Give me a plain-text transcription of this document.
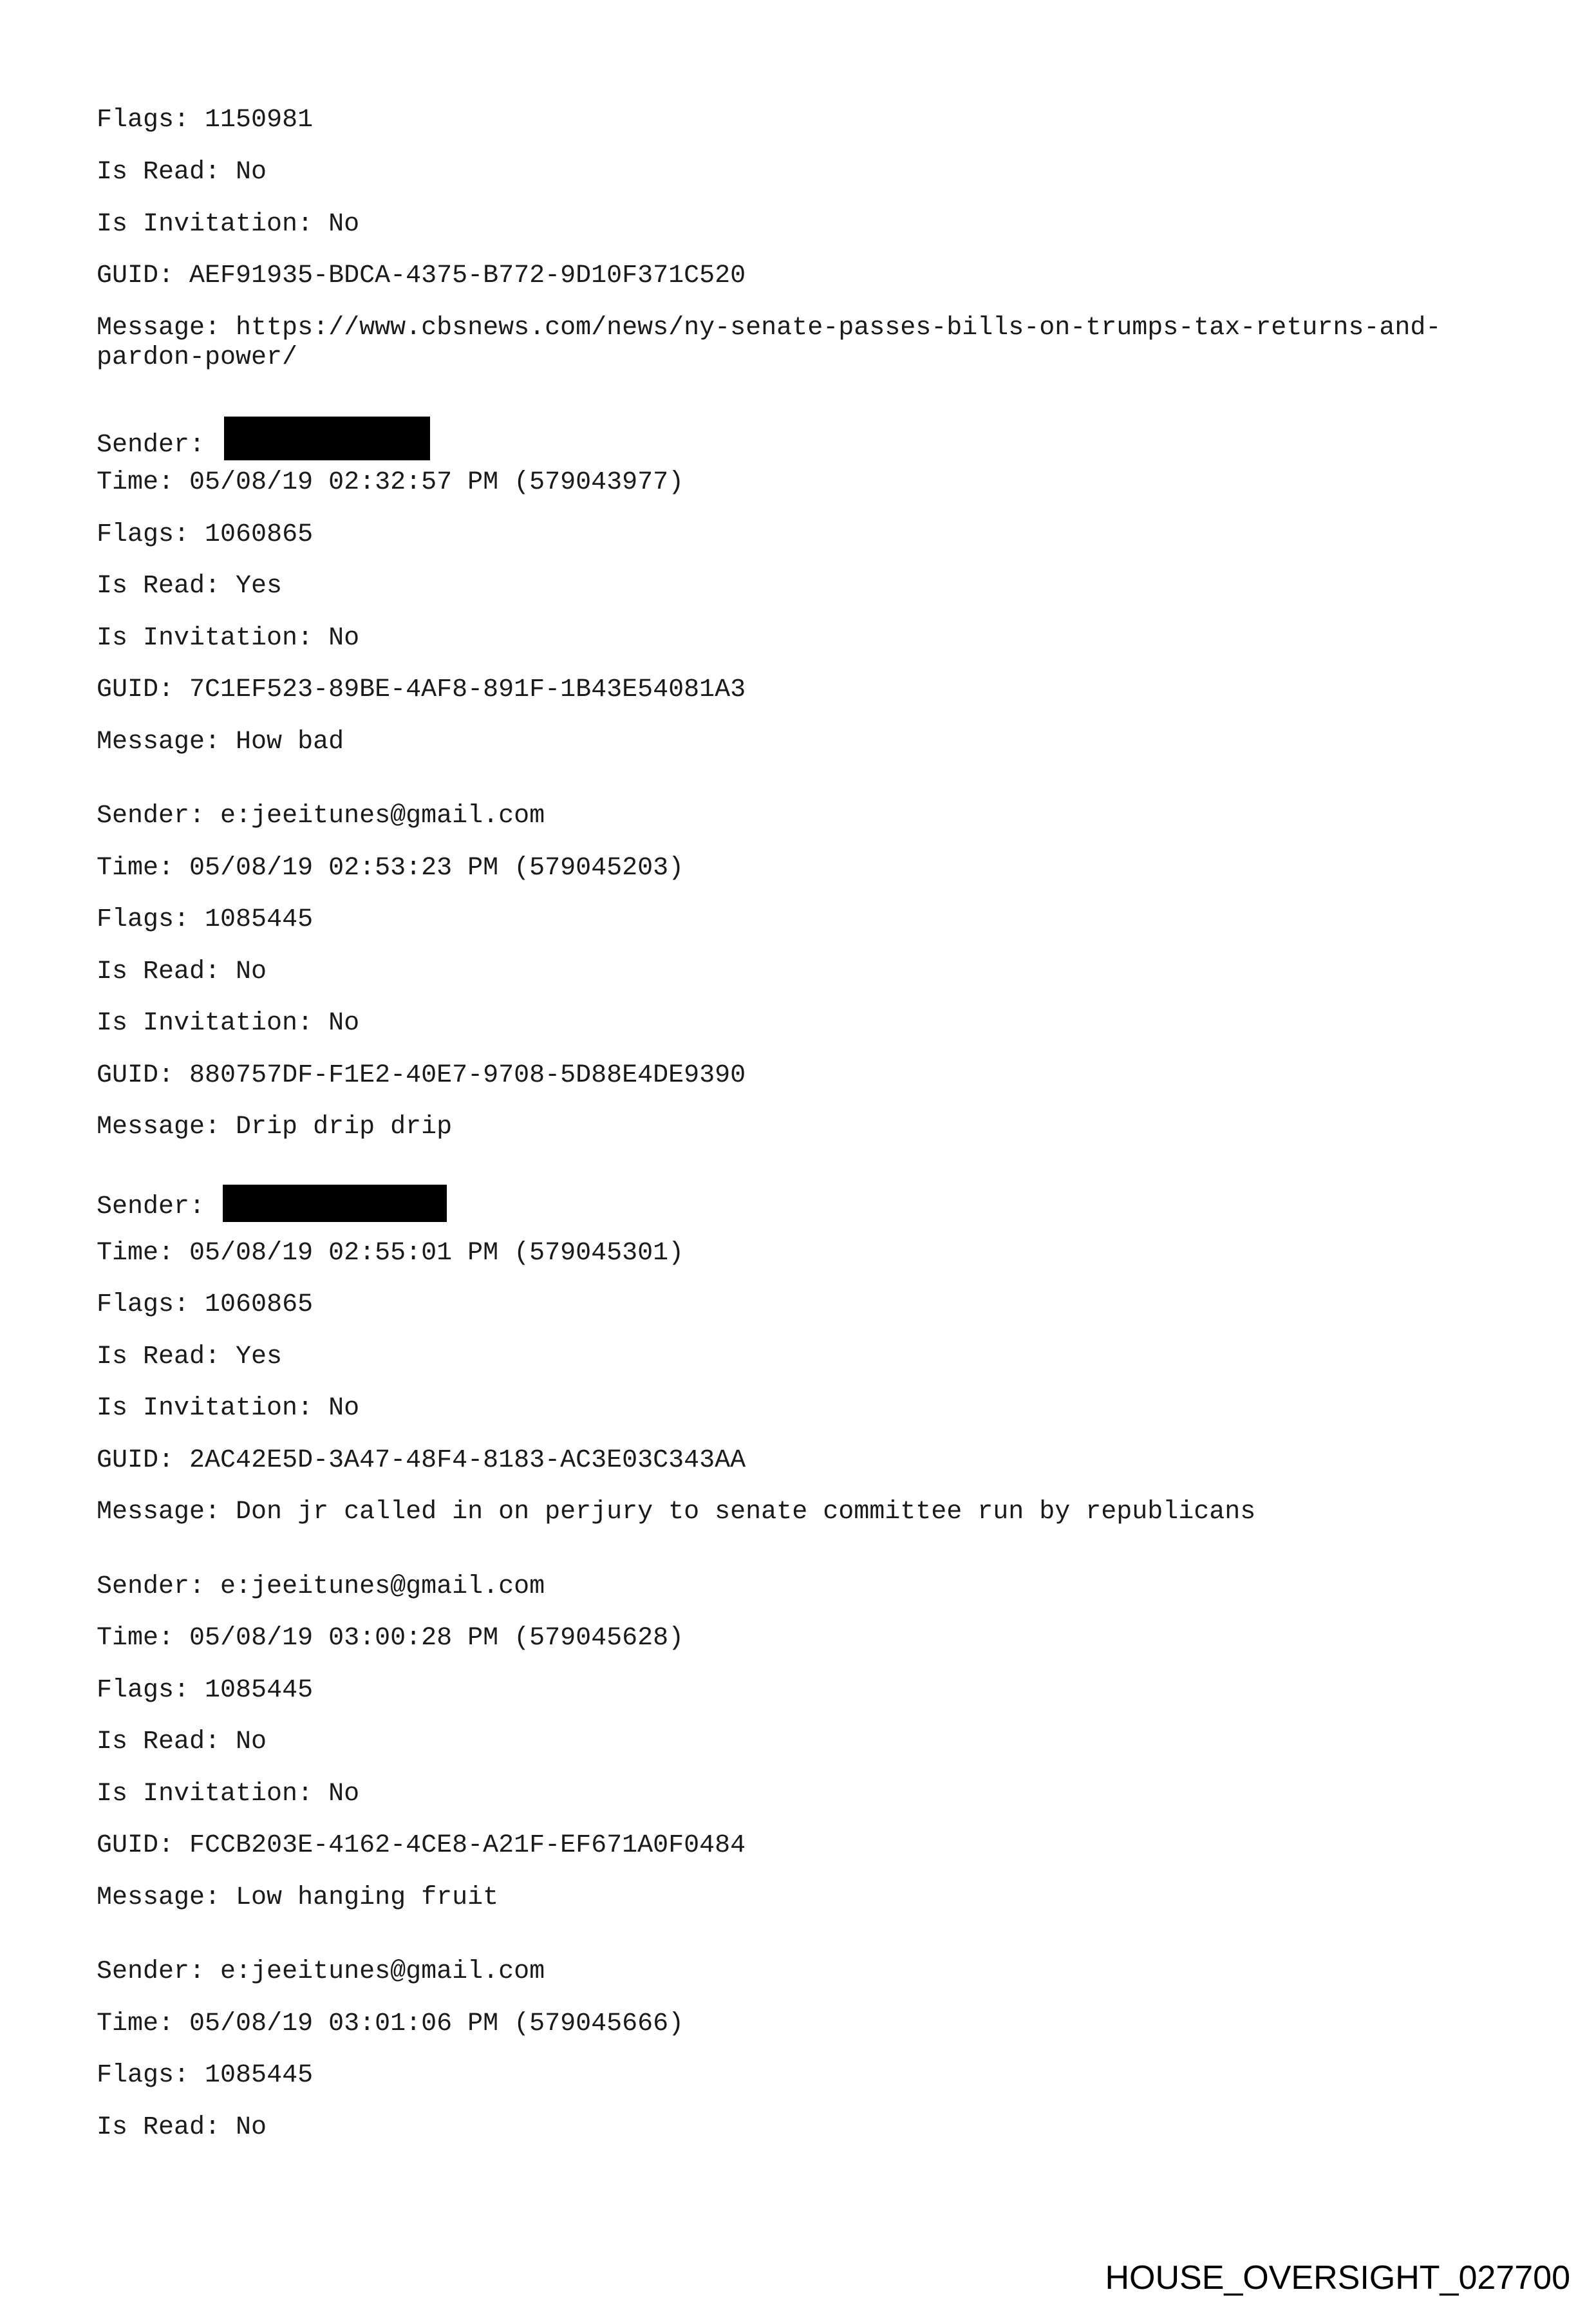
Flags: 1150981
Is Read: No
Is Invitation: No
GUID: AEF91935-BDCA-4375-B772-9D10F371C520
Message: https://www.cbsnews.com/news/ny-senate-passes-bills-on-trumps-tax-returns-and-
pardon-power/
Sender:
Time: 05/08/19 02:32:57 PM (579043977)
Flags: 1060865
Is Read: Yes
Is Invitation: No
GUID: 7C1EF523-89BE-4AF8-891F-1B43E54081A3
Message: How bad
Sender: e:jeeitunes@gmail.com
Time: 05/08/19 02:53:23 PM (579045203)
Flags: 1085445
Is Read: No
Is Invitation: No
GUID: 880757DF-F1E2-40E7-9708-5D88E4DE9390
Message: Drip drip drip
Sender:
Time: 05/08/19 02:55:01 PM (579045301)
Flags: 1060865
Is Read: Yes
Is Invitation: No
GUID: 2AC42E5D-3A47-48F4-8183-AC3E03C343AA
Message: Don jr called in on perjury to senate committee run by republicans
Sender: e:jeeitunes@gmail.com
Time: 05/08/19 03:00:28 PM (579045628)
Flags: 1085445
Is Read: No
Is Invitation: No
GUID: FCCB203E-4162-4CE8-A21F-EF671A0F0484
Message: Low hanging fruit
Sender: e:jeeitunes@gmail.com
Time: 05/08/19 03:01:06 PM (579045666)
Flags: 1085445
Is Read: No
HOUSE_OVERSIGHT_027700
